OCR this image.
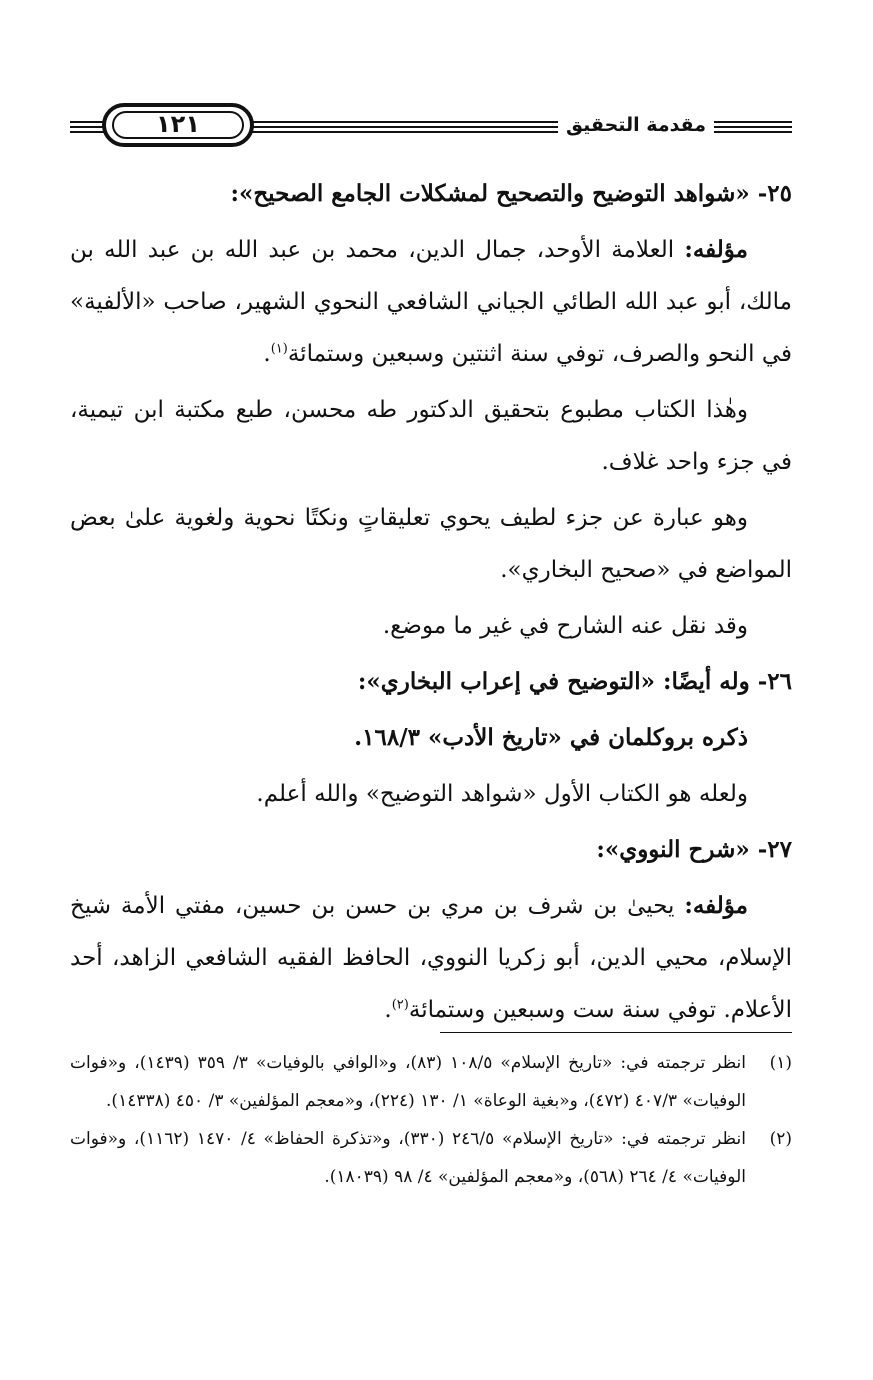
١٢١	مقدمة التحقيق

٢٥- «شواهد التوضيح والتصحيح لمشكلات الجامع الصحيح»:

مؤلفه: العلامة الأوحد، جمال الدين، محمد بن عبد الله بن عبد الله بن مالك، أبو عبد الله الطائي الجياني الشافعي النحوي الشهير، صاحب «الألفية» في النحو والصرف، توفي سنة اثنتين وسبعين وستمائة$^{(١)}$.

وهٰذا الكتاب مطبوع بتحقيق الدكتور طه محسن، طبع مكتبة ابن تيمية، في جزء واحد غلاف.

وهو عبارة عن جزء لطيف يحوي تعليقاتٍ ونكتًا نحوية ولغوية علىٰ بعض المواضع في «صحيح البخاري».

وقد نقل عنه الشارح في غير ما موضع.

٢٦- وله أيضًا: «التوضيح في إعراب البخاري»:

ذكره بروكلمان في «تاريخ الأدب» ١٦٨/٣.

ولعله هو الكتاب الأول «شواهد التوضيح» والله أعلم.

٢٧- «شرح النووي»:

مؤلفه: يحيىٰ بن شرف بن مري بن حسن بن حسين، مفتي الأمة شيخ الإسلام، محيي الدين، أبو زكريا النووي، الحافظ الفقيه الشافعي الزاهد، أحد الأعلام. توفي سنة ست وسبعين وستمائة$^{(٢)}$.

(١)
انظر ترجمته في: «تاريخ الإسلام» ١٠٨/٥ (٨٣)، و«الوافي بالوفيات» ٣/ ٣٥٩ (١٤٣٩)، و«فوات الوفيات» ٤٠٧/٣ (٤٧٢)، و«بغية الوعاة» ١/ ١٣٠ (٢٢٤)، و«معجم المؤلفين» ٣/ ٤٥٠ (١٤٣٣٨).

(٢)
انظر ترجمته في: «تاريخ الإسلام» ٢٤٦/٥ (٣٣٠)، و«تذكرة الحفاظ» ٤/ ١٤٧٠ (١١٦٢)، و«فوات الوفيات» ٤/ ٢٦٤ (٥٦٨)، و«معجم المؤلفين» ٤/ ٩٨ (١٨٠٣٩).
